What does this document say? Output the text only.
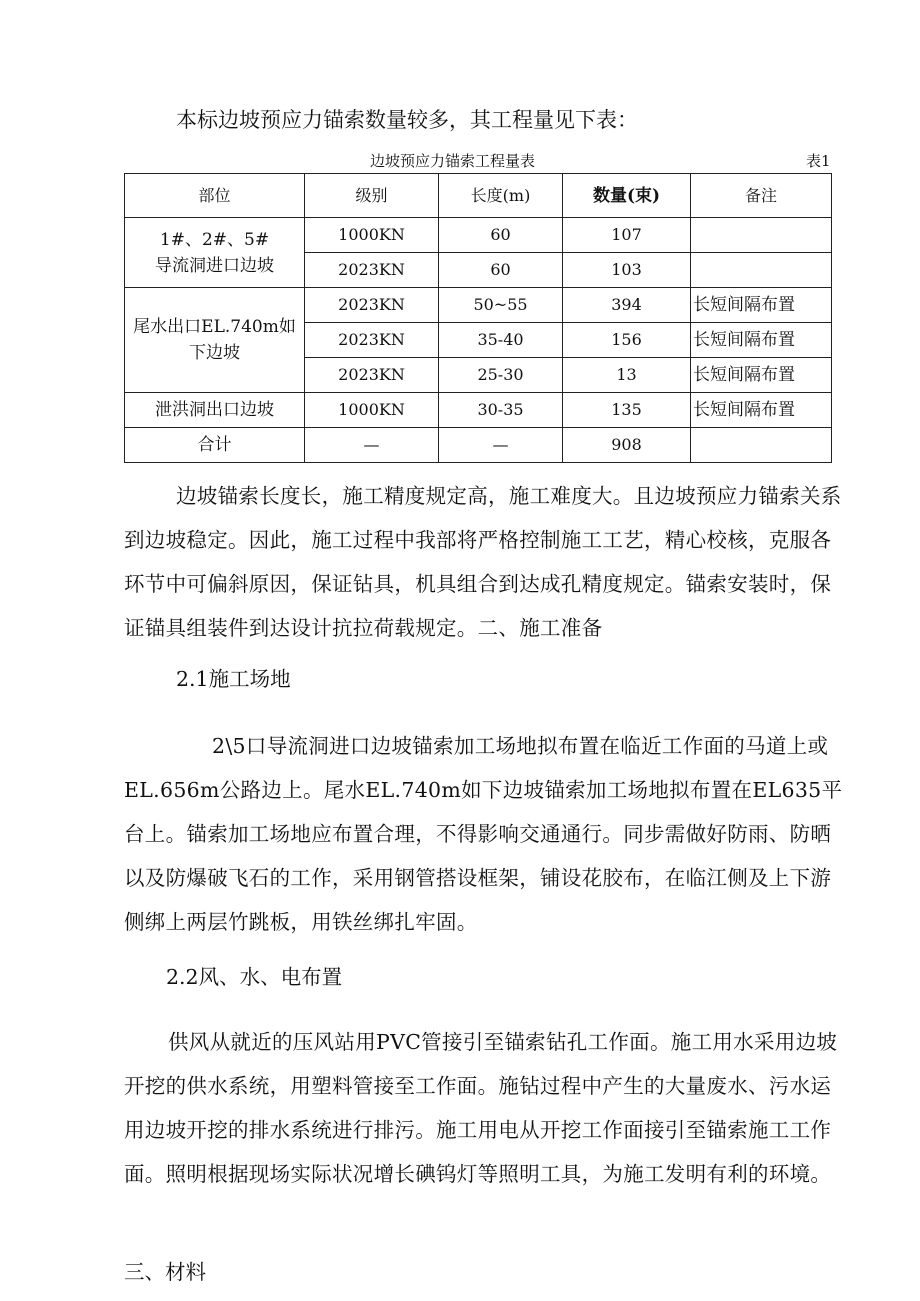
本标边坡预应力锚索数量较多，其工程量见下表：
边坡预应力锚索工程量表	表1
部位	级别	长度(m)	数量(束)	备注

1#、2#、5#
导流洞进口边坡	1000KN	60	107	
	2023KN	60	103	

尾水出口EL.740m如
下边坡	2023KN	50~55	394	长短间隔布置
	2023KN	35-40	156	长短间隔布置
	2023KN	25-30	13	长短间隔布置
泄洪洞出口边坡	1000KN	30-35	135	长短间隔布置
合计	—	—	908	
边坡锚索长度长，施工精度规定高，施工难度大。且边坡预应力锚索关系到边坡稳定。因此，施工过程中我部将严格控制施工工艺，精心校核，克服各环节中可偏斜原因，保证钻具，机具组合到达成孔精度规定。锚索安装时，保证锚具组装件到达设计抗拉荷载规定。二、施工准备
2.1施工场地
2\5口导流洞进口边坡锚索加工场地拟布置在临近工作面的马道上或EL.656m公路边上。尾水EL.740m如下边坡锚索加工场地拟布置在EL635平台上。锚索加工场地应布置合理，不得影响交通通行。同步需做好防雨、防晒以及防爆破飞石的工作，采用钢管搭设框架，铺设花胶布，在临江侧及上下游侧绑上两层竹跳板，用铁丝绑扎牢固。
2.2风、水、电布置
供风从就近的压风站用PVC管接引至锚索钻孔工作面。施工用水采用边坡开挖的供水系统，用塑料管接至工作面。施钻过程中产生的大量废水、污水运用边坡开挖的排水系统进行排污。施工用电从开挖工作面接引至锚索施工工作面。照明根据现场实际状况增长碘钨灯等照明工具，为施工发明有利的环境。
三、材料
